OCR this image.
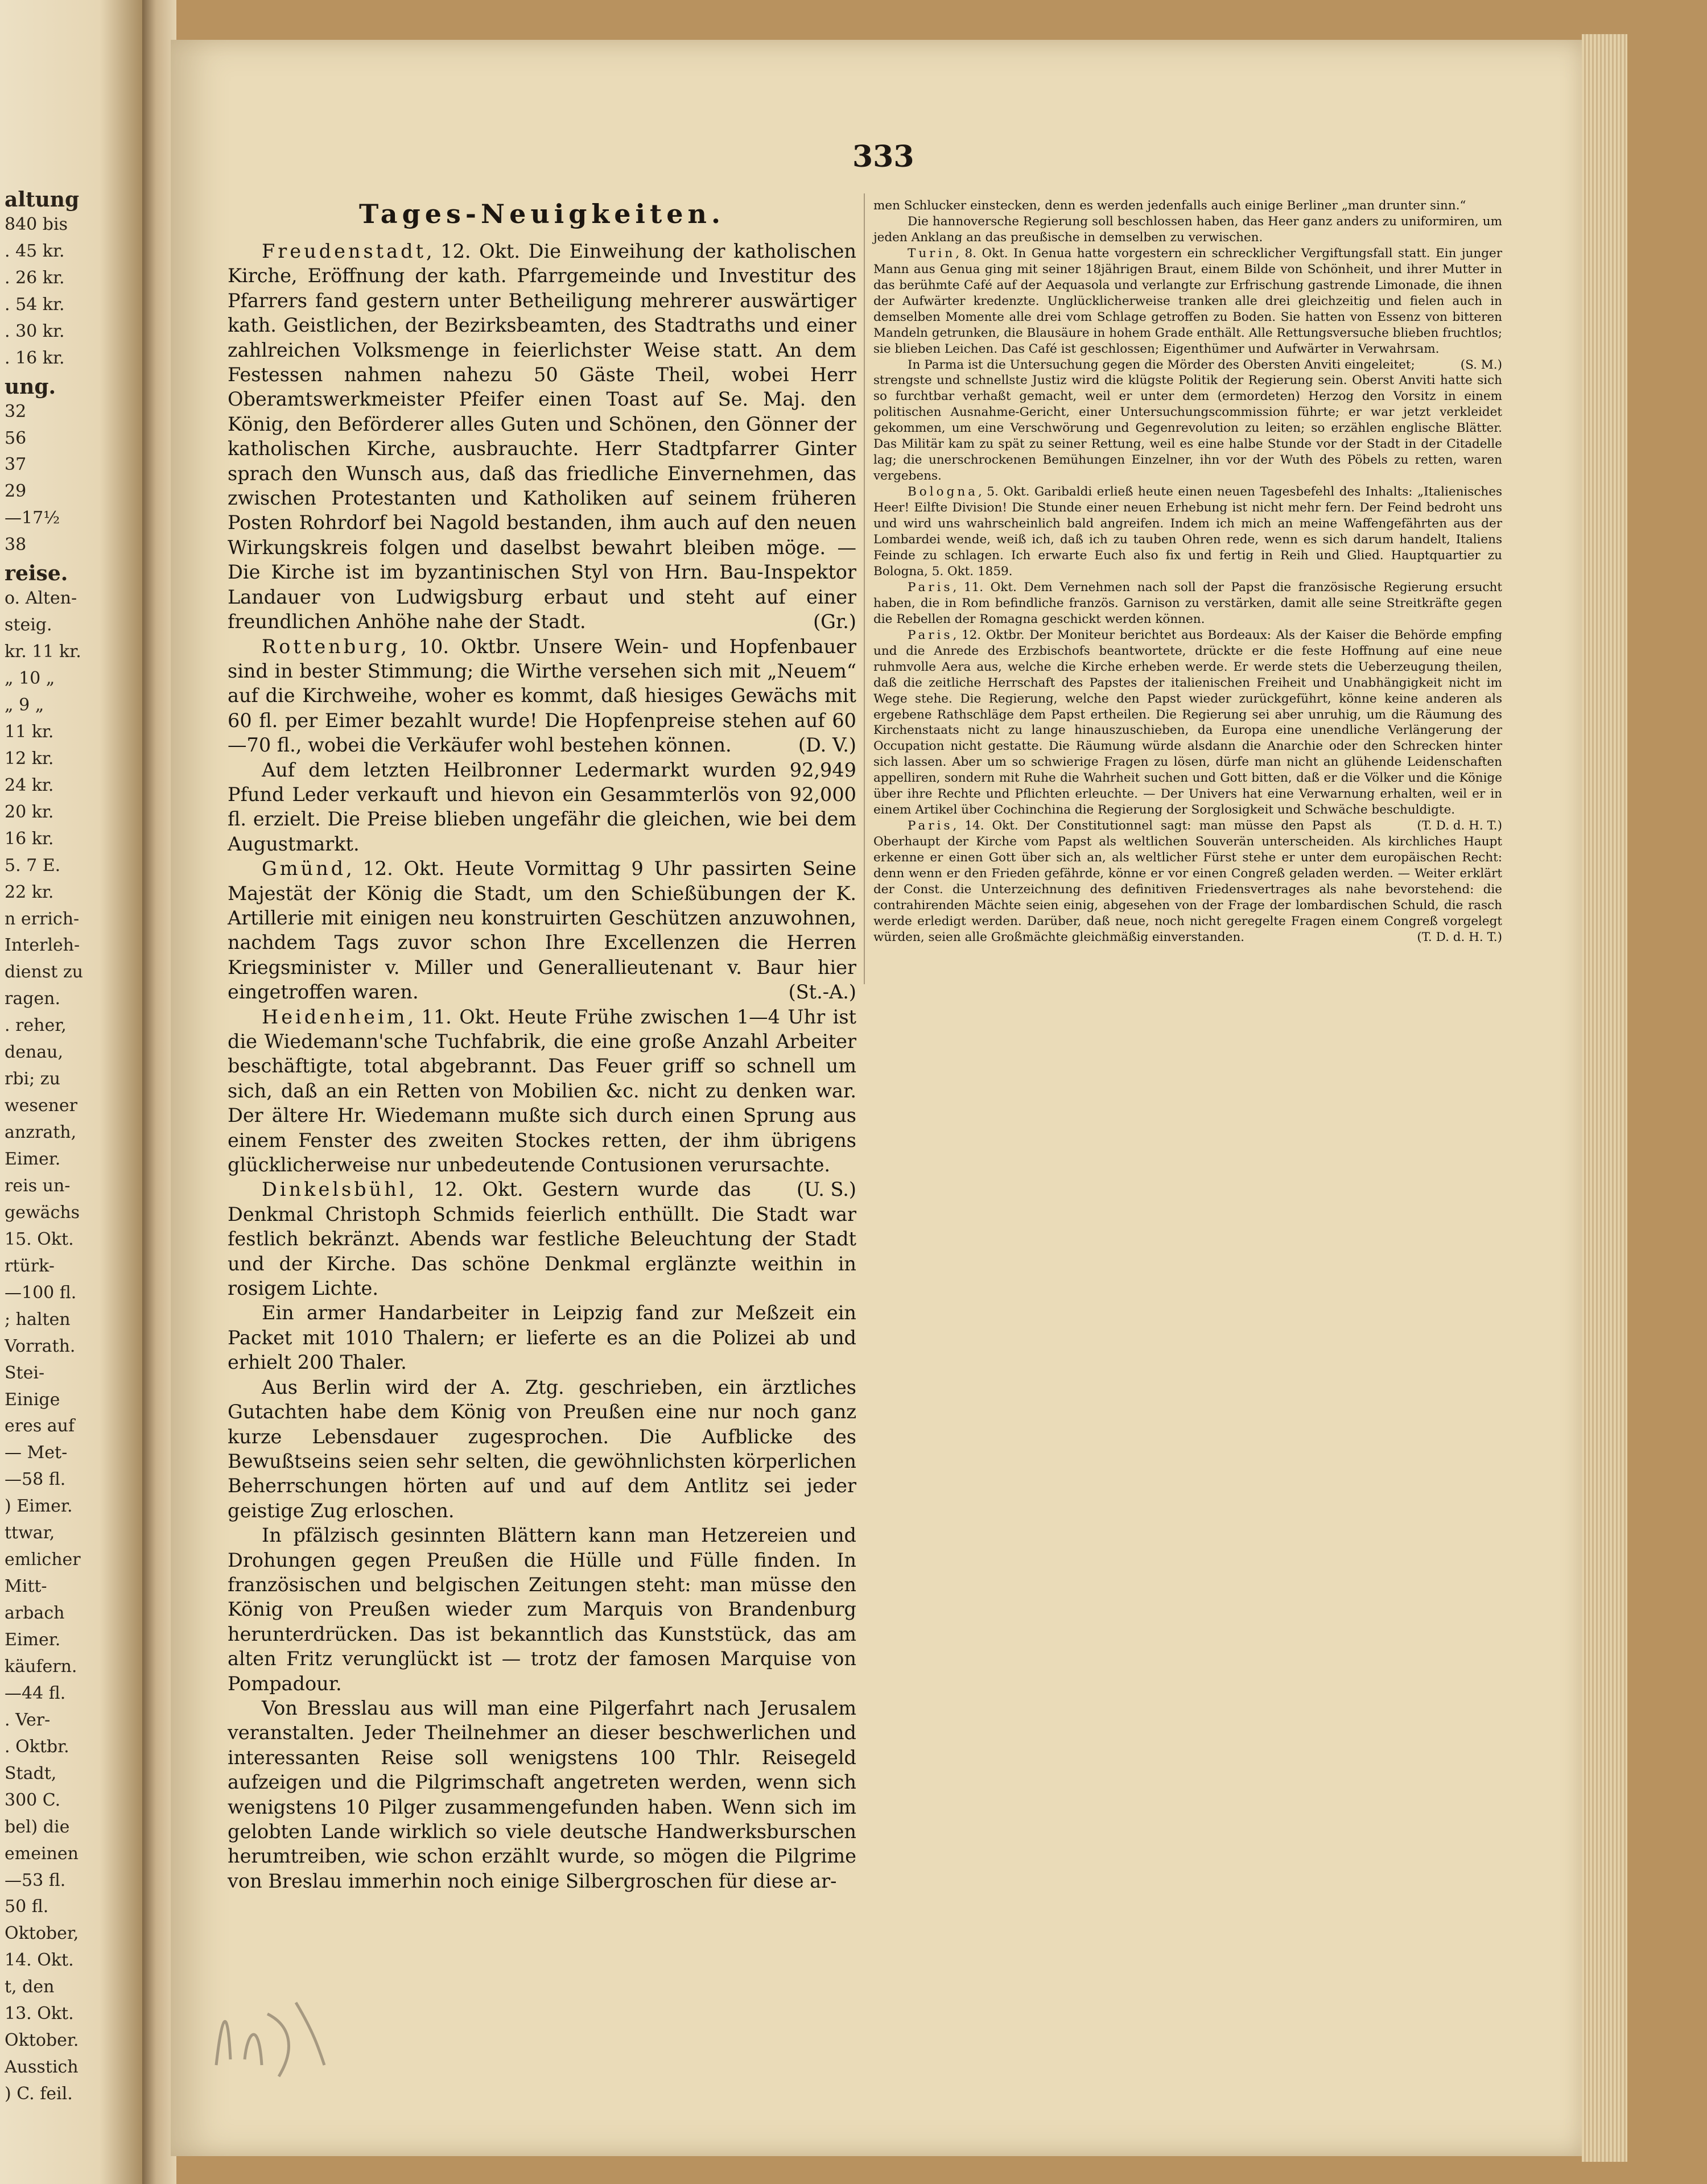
altung
840 bis
. 45 kr.
. 26 kr.
. 54 kr.
. 30 kr.
. 16 kr.
ung.
32
56
37
29
—17½
38
reise.
o. Alten-
steig.
kr. 11 kr.
„ 10 „
„ 9 „
11 kr.
12 kr.
24 kr.
20 kr.
16 kr.
5. 7 E.
22 kr.
n errich-
Interleh-
dienst zu
ragen.
. reher,
denau,
rbi; zu
wesener
anzrath,
Eimer.
reis un-
gewächs
15. Okt.
rtürk-
—100 fl.
; halten
Vorrath.
Stei-
Einige
eres auf
— Met-
—58 fl.
) Eimer.
ttwar,
emlicher
Mitt-
arbach
Eimer.
käufern.
—44 fl.
. Ver-
. Oktbr.
Stadt,
300 C.
bel) die
emeinen
—53 fl.
50 fl.
Oktober,
14. Okt.
t, den
13. Okt.
Oktober.
Ausstich
) C. feil.
333
Tages-Neuigkeiten.

Freudenstadt, 12. Okt. Die Einweihung der katholischen Kirche, Eröffnung der kath. Pfarrgemeinde und Investitur des Pfarrers fand gestern unter Betheiligung mehrerer auswärtiger kath. Geistlichen, der Bezirksbeamten, des Stadtraths und einer zahlreichen Volksmenge in feierlichster Weise statt. An dem Festessen nahmen nahezu 50 Gäste Theil, wobei Herr Oberamtswerkmeister Pfeifer einen Toast auf Se. Maj. den König, den Beförderer alles Guten und Schönen, den Gönner der katholischen Kirche, ausbrauchte. Herr Stadtpfarrer Ginter sprach den Wunsch aus, daß das friedliche Einvernehmen, das zwischen Protestanten und Katholiken auf seinem früheren Posten Rohrdorf bei Nagold bestanden, ihm auch auf den neuen Wirkungskreis folgen und daselbst bewahrt bleiben möge. — Die Kirche ist im byzantinischen Styl von Hrn. Bau-Inspektor Landauer von Ludwigsburg erbaut und steht auf einer freundlichen Anhöhe nahe der Stadt.	(Gr.)

Rottenburg, 10. Oktbr. Unsere Wein- und Hopfenbauer sind in bester Stimmung; die Wirthe versehen sich mit „Neuem“ auf die Kirchweihe, woher es kommt, daß hiesiges Gewächs mit 60 fl. per Eimer bezahlt wurde! Die Hopfenpreise stehen auf 60—70 fl., wobei die Verkäufer wohl bestehen können.	(D. V.)

Auf dem letzten Heilbronner Ledermarkt wurden 92,949 Pfund Leder verkauft und hievon ein Gesammterlös von 92,000 fl. erzielt. Die Preise blieben ungefähr die gleichen, wie bei dem Augustmarkt.

Gmünd, 12. Okt. Heute Vormittag 9 Uhr passirten Seine Majestät der König die Stadt, um den Schießübungen der K. Artillerie mit einigen neu konstruirten Geschützen anzuwohnen, nachdem Tags zuvor schon Ihre Excellenzen die Herren Kriegsminister v. Miller und Generallieutenant v. Baur hier eingetroffen waren.	(St.-A.)

Heidenheim, 11. Okt. Heute Frühe zwischen 1—4 Uhr ist die Wiedemann'sche Tuchfabrik, die eine große Anzahl Arbeiter beschäftigte, total abgebrannt. Das Feuer griff so schnell um sich, daß an ein Retten von Mobilien &c. nicht zu denken war. Der ältere Hr. Wiedemann mußte sich durch einen Sprung aus einem Fenster des zweiten Stockes retten, der ihm übrigens glücklicherweise nur unbedeutende Contusionen verursachte.
(U. S.)

Dinkelsbühl, 12. Okt. Gestern wurde das Denkmal Christoph Schmids feierlich enthüllt. Die Stadt war festlich bekränzt. Abends war festliche Beleuchtung der Stadt und der Kirche. Das schöne Denkmal erglänzte weithin in rosigem Lichte.

Ein armer Handarbeiter in Leipzig fand zur Meßzeit ein Packet mit 1010 Thalern; er lieferte es an die Polizei ab und erhielt 200 Thaler.

Aus Berlin wird der A. Ztg. geschrieben, ein ärztliches Gutachten habe dem König von Preußen eine nur noch ganz kurze Lebensdauer zugesprochen. Die Aufblicke des Bewußtseins seien sehr selten, die gewöhnlichsten körperlichen Beherrschungen hörten auf und auf dem Antlitz sei jeder geistige Zug erloschen.

In pfälzisch gesinnten Blättern kann man Hetzereien und Drohungen gegen Preußen die Hülle und Fülle finden. In französischen und belgischen Zeitungen steht: man müsse den König von Preußen wieder zum Marquis von Brandenburg herunterdrücken. Das ist bekanntlich das Kunststück, das am alten Fritz verunglückt ist — trotz der famosen Marquise von Pompadour.

Von Bresslau aus will man eine Pilgerfahrt nach Jerusalem veranstalten. Jeder Theilnehmer an dieser beschwerlichen und interessanten Reise soll wenigstens 100 Thlr. Reisegeld aufzeigen und die Pilgrimschaft angetreten werden, wenn sich wenigstens 10 Pilger zusammengefunden haben. Wenn sich im gelobten Lande wirklich so viele deutsche Handwerksburschen herumtreiben, wie schon erzählt wurde, so mögen die Pilgrime von Breslau immerhin noch einige Silbergroschen für diese ar-

men Schlucker einstecken, denn es werden jedenfalls auch einige Berliner „man drunter sinn.“

Die hannoversche Regierung soll beschlossen haben, das Heer ganz anders zu uniformiren, um jeden Anklang an das preußische in demselben zu verwischen.

Turin, 8. Okt. In Genua hatte vorgestern ein schrecklicher Vergiftungsfall statt. Ein junger Mann aus Genua ging mit seiner 18jährigen Braut, einem Bilde von Schönheit, und ihrer Mutter in das berühmte Café auf der Aequasola und verlangte zur Erfrischung gastrende Limonade, die ihnen der Aufwärter kredenzte. Unglücklicherweise tranken alle drei gleichzeitig und fielen auch in demselben Momente alle drei vom Schlage getroffen zu Boden. Sie hatten von Essenz von bitteren Mandeln getrunken, die Blausäure in hohem Grade enthält. Alle Rettungsversuche blieben fruchtlos; sie blieben Leichen. Das Café ist geschlossen; Eigenthümer und Aufwärter in Verwahrsam.
(S. M.)

In Parma ist die Untersuchung gegen die Mörder des Obersten Anviti eingeleitet; strengste und schnellste Justiz wird die klügste Politik der Regierung sein. Oberst Anviti hatte sich so furchtbar verhaßt gemacht, weil er unter dem (ermordeten) Herzog den Vorsitz in einem politischen Ausnahme-Gericht, einer Untersuchungscommission führte; er war jetzt verkleidet gekommen, um eine Verschwörung und Gegenrevolution zu leiten; so erzählen englische Blätter. Das Militär kam zu spät zu seiner Rettung, weil es eine halbe Stunde vor der Stadt in der Citadelle lag; die unerschrockenen Bemühungen Einzelner, ihn vor der Wuth des Pöbels zu retten, waren vergebens.

Bologna, 5. Okt. Garibaldi erließ heute einen neuen Tagesbefehl des Inhalts: „Italienisches Heer! Eilfte Division! Die Stunde einer neuen Erhebung ist nicht mehr fern. Der Feind bedroht uns und wird uns wahrscheinlich bald angreifen. Indem ich mich an meine Waffengefährten aus der Lombardei wende, weiß ich, daß ich zu tauben Ohren rede, wenn es sich darum handelt, Italiens Feinde zu schlagen. Ich erwarte Euch also fix und fertig in Reih und Glied. Hauptquartier zu Bologna, 5. Okt. 1859.

Paris, 11. Okt. Dem Vernehmen nach soll der Papst die französische Regierung ersucht haben, die in Rom befindliche französ. Garnison zu verstärken, damit alle seine Streitkräfte gegen die Rebellen der Romagna geschickt werden können.

Paris, 12. Oktbr. Der Moniteur berichtet aus Bordeaux: Als der Kaiser die Behörde empfing und die Anrede des Erzbischofs beantwortete, drückte er die feste Hoffnung auf eine neue ruhmvolle Aera aus, welche die Kirche erheben werde. Er werde stets die Ueberzeugung theilen, daß die zeitliche Herrschaft des Papstes der italienischen Freiheit und Unabhängigkeit nicht im Wege stehe. Die Regierung, welche den Papst wieder zurückgeführt, könne keine anderen als ergebene Rathschläge dem Papst ertheilen. Die Regierung sei aber unruhig, um die Räumung des Kirchenstaats nicht zu lange hinauszuschieben, da Europa eine unendliche Verlängerung der Occupation nicht gestatte. Die Räumung würde alsdann die Anarchie oder den Schrecken hinter sich lassen. Aber um so schwierige Fragen zu lösen, dürfe man nicht an glühende Leidenschaften appelliren, sondern mit Ruhe die Wahrheit suchen und Gott bitten, daß er die Völker und die Könige über ihre Rechte und Pflichten erleuchte. — Der Univers hat eine Verwarnung erhalten, weil er in einem Artikel über Cochinchina die Regierung der Sorglosigkeit und Schwäche beschuldigte.
(T. D. d. H. T.)

Paris, 14. Okt. Der Constitutionnel sagt: man müsse den Papst als Oberhaupt der Kirche vom Papst als weltlichen Souverän unterscheiden. Als kirchliches Haupt erkenne er einen Gott über sich an, als weltlicher Fürst stehe er unter dem europäischen Recht: denn wenn er den Frieden gefährde, könne er vor einen Congreß geladen werden. — Weiter erklärt der Const. die Unterzeichnung des definitiven Friedensvertrages als nahe bevorstehend: die contrahirenden Mächte seien einig, abgesehen von der Frage der lombardischen Schuld, die rasch werde erledigt werden. Darüber, daß neue, noch nicht geregelte Fragen einem Congreß vorgelegt würden, seien alle Großmächte gleichmäßig einverstanden.	(T. D. d. H. T.)
